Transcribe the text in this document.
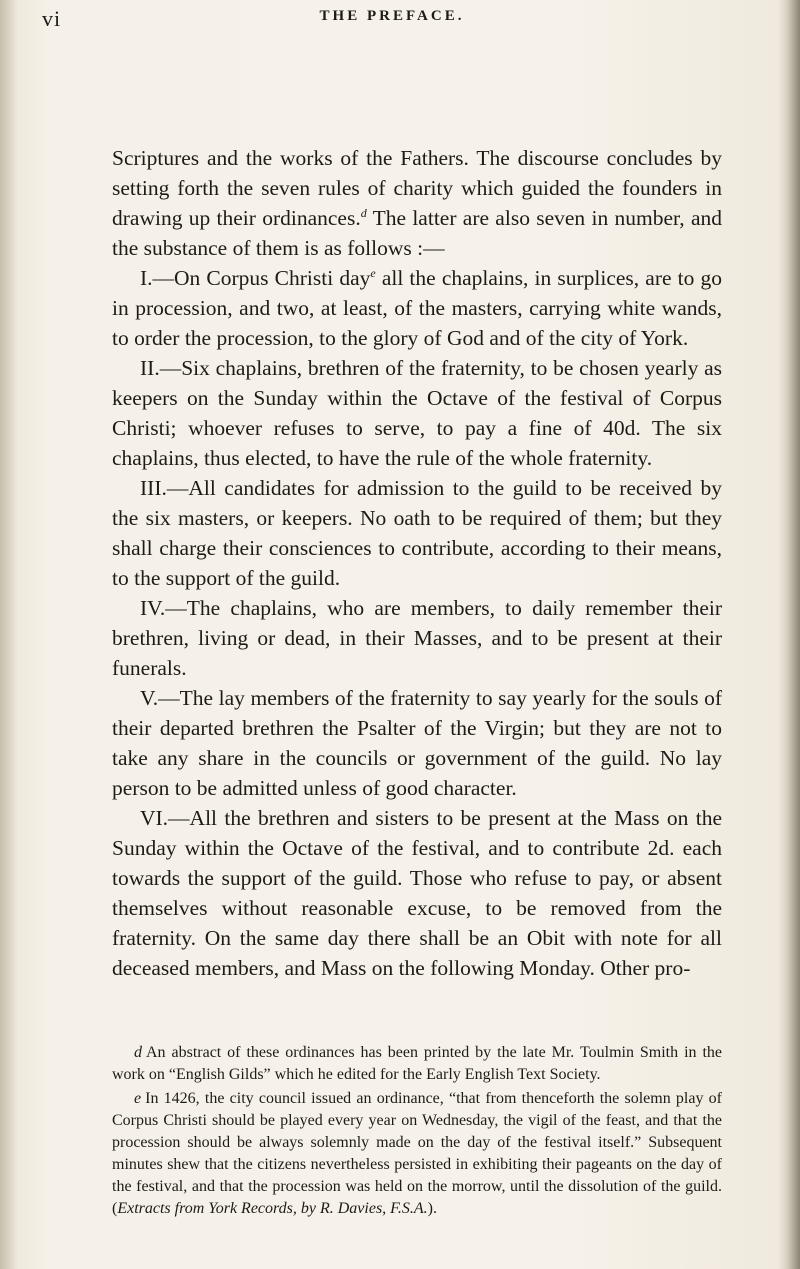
vi	THE PREFACE.

Scriptures and the works of the Fathers. The discourse concludes by setting forth the seven rules of charity which guided the founders in drawing up their ordinances.$^d$ The latter are also seven in number, and the substance of them is as follows :—

I.—On Corpus Christi day$^e$ all the chaplains, in surplices, are to go in procession, and two, at least, of the masters, carrying white wands, to order the procession, to the glory of God and of the city of York.

II.—Six chaplains, brethren of the fraternity, to be chosen yearly as keepers on the Sunday within the Octave of the festival of Corpus Christi; whoever refuses to serve, to pay a fine of 40d. The six chaplains, thus elected, to have the rule of the whole fraternity.

III.—All candidates for admission to the guild to be received by the six masters, or keepers. No oath to be required of them; but they shall charge their consciences to contribute, according to their means, to the support of the guild.

IV.—The chaplains, who are members, to daily remember their brethren, living or dead, in their Masses, and to be present at their funerals.

V.—The lay members of the fraternity to say yearly for the souls of their departed brethren the Psalter of the Virgin; but they are not to take any share in the councils or government of the guild. No lay person to be admitted unless of good character.

VI.—All the brethren and sisters to be present at the Mass on the Sunday within the Octave of the festival, and to contribute 2d. each towards the support of the guild. Those who refuse to pay, or absent themselves without reasonable excuse, to be removed from the fraternity. On the same day there shall be an Obit with note for all deceased members, and Mass on the following Monday. Other pro-

d An abstract of these ordinances has been printed by the late Mr. Toulmin Smith in the work on “English Gilds” which he edited for the Early English Text Society.

e In 1426, the city council issued an ordinance, “that from thenceforth the solemn play of Corpus Christi should be played every year on Wednesday, the vigil of the feast, and that the procession should be always solemnly made on the day of the festival itself.” Subsequent minutes shew that the citizens nevertheless persisted in exhibiting their pageants on the day of the festival, and that the procession was held on the morrow, until the dissolution of the guild. (Extracts from York Records, by R. Davies, F.S.A.).
